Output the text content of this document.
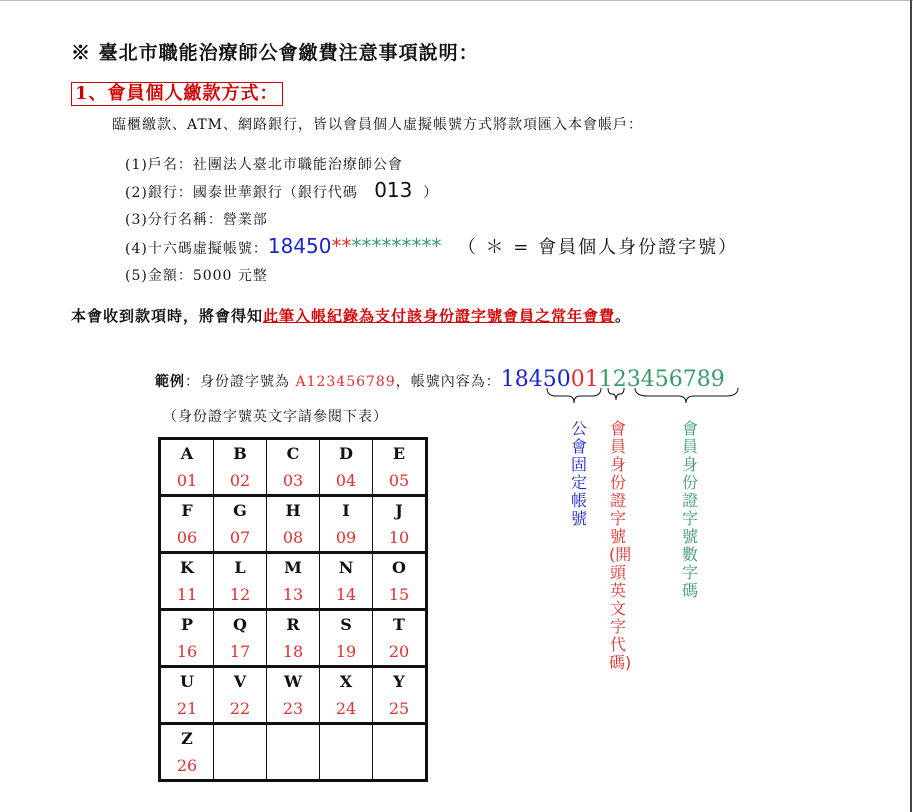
※ 臺北市職能治療師公會繳費注意事項說明：
1、會員個人繳款方式：
臨櫃繳款、ATM、網路銀行，皆以會員個人虛擬帳號方式將款項匯入本會帳戶：
(1)戶名：社團法人臺北市職能治療師公會
(2)銀行：國泰世華銀行（銀行代碼 013 ）
(3)分行名稱：營業部
(4)十六碼虛擬帳號：18450*********** （ ＊ = 會員個人身份證字號）
(5)金額：5000 元整
本會收到款項時，將會得知此筆入帳紀錄為支付該身份證字號會員之常年會費。
範例：身份證字號為 A123456789，帳號內容為：1845001123456789
公會固定帳號
會員身份證字號(開頭英文字代碼)
會員身份證字號數字碼
（身份證字號英文字請參閱下表）
A	B	C	D	E
01	02	03	04	05
F	G	H	I	J
06	07	08	09	10
K	L	M	N	O
11	12	13	14	15
P	Q	R	S	T
16	17	18	19	20
U	V	W	X	Y
21	22	23	24	25
Z				
26				
